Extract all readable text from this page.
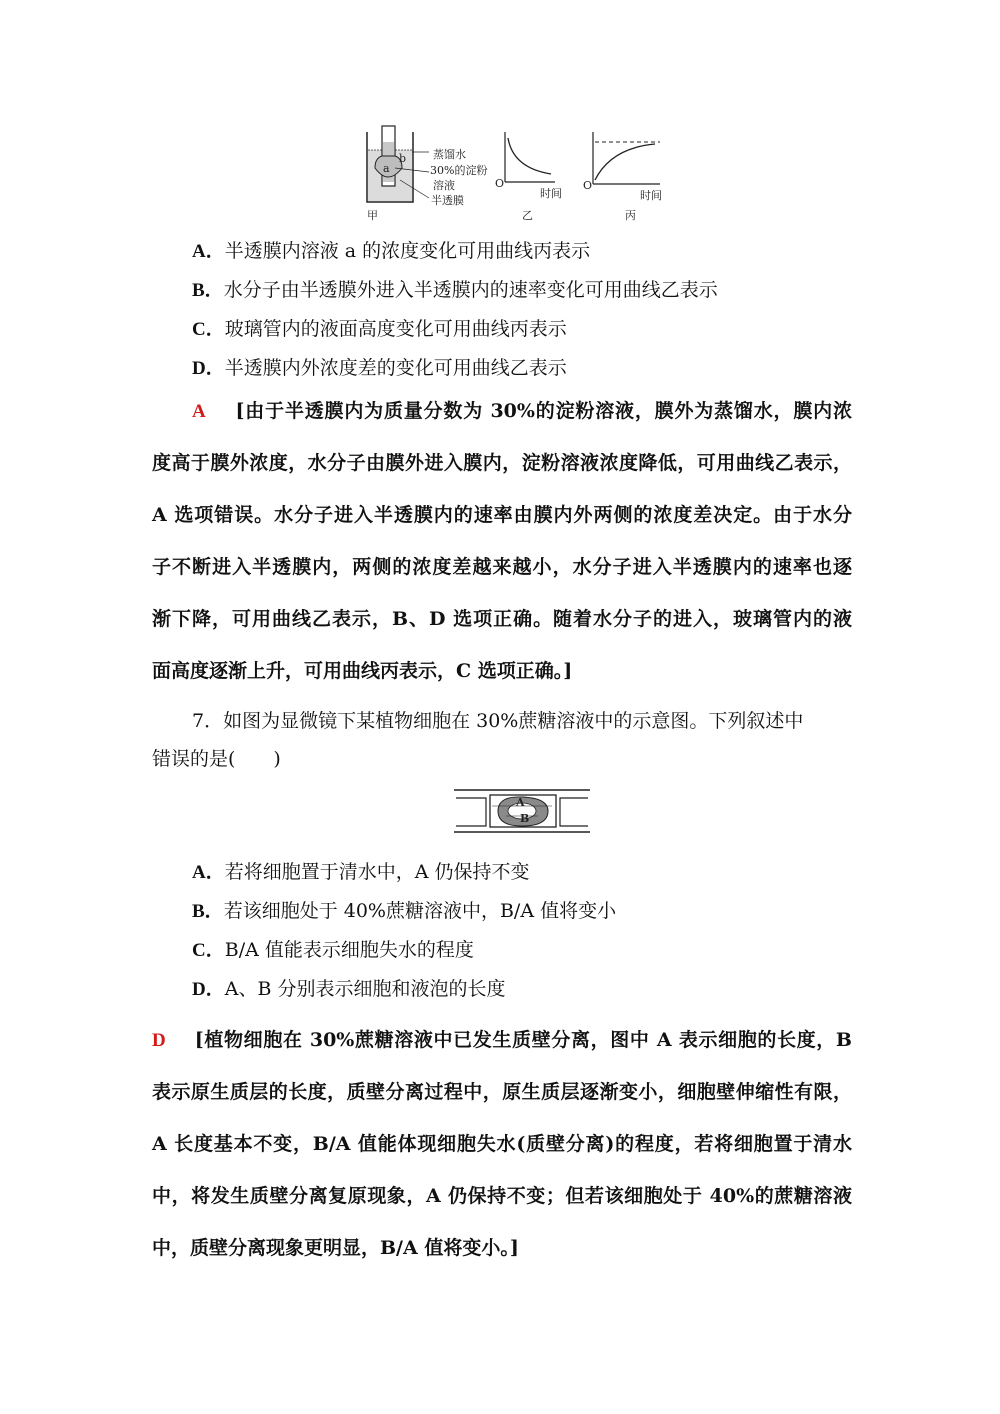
b
a
蒸馏水
30%的淀粉
溶液
半透膜
O
时间
O
时间
甲	乙	丙
A．半透膜内溶液 a 的浓度变化可用曲线丙表示
B．水分子由半透膜外进入半透膜内的速率变化可用曲线乙表示
C．玻璃管内的液面高度变化可用曲线丙表示
D．半透膜内外浓度差的变化可用曲线乙表示
A [由于半透膜内为质量分数为 30%的淀粉溶液，膜外为蒸馏水，膜内浓
度高于膜外浓度，水分子由膜外进入膜内，淀粉溶液浓度降低，可用曲线乙表示，
A 选项错误。水分子进入半透膜内的速率由膜内外两侧的浓度差决定。由于水分
子不断进入半透膜内，两侧的浓度差越来越小，水分子进入半透膜内的速率也逐
渐下降，可用曲线乙表示，B、D 选项正确。随着水分子的进入，玻璃管内的液
面高度逐渐上升，可用曲线丙表示，C 选项正确。]
7．如图为显微镜下某植物细胞在 30%蔗糖溶液中的示意图。下列叙述中
错误的是(　　)
A
B
A．若将细胞置于清水中，A 仍保持不变
B．若该细胞处于 40%蔗糖溶液中，B/A 值将变小
C．B/A 值能表示细胞失水的程度
D．A、B 分别表示细胞和液泡的长度
D [植物细胞在 30%蔗糖溶液中已发生质壁分离，图中 A 表示细胞的长度，B
表示原生质层的长度，质壁分离过程中，原生质层逐渐变小，细胞壁伸缩性有限，
A 长度基本不变，B/A 值能体现细胞失水(质壁分离)的程度，若将细胞置于清水
中，将发生质壁分离复原现象，A 仍保持不变；但若该细胞处于 40%的蔗糖溶液
中，质壁分离现象更明显，B/A 值将变小。]
